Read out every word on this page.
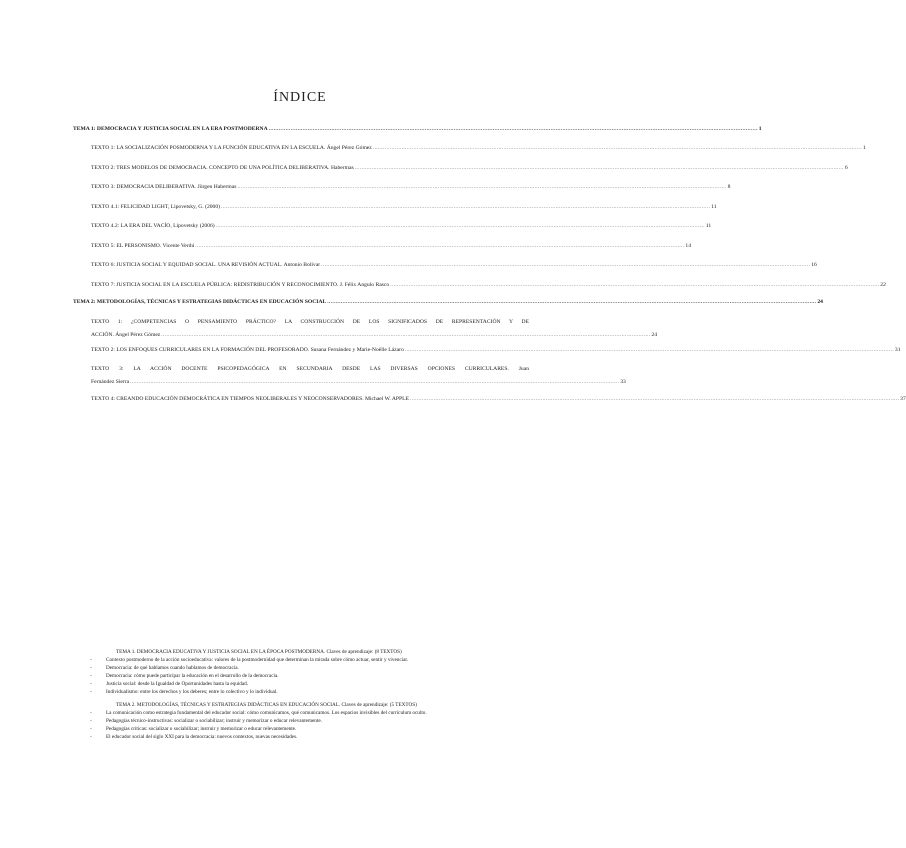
ÍNDICE
TEMA 1: DEMOCRACIA Y JUSTICIA SOCIAL EN LA ERA POSTMODERNA .....	1
TEXTO 1: LA SOCIALIZACIÓN POSMODERNA Y LA FUNCIÓN EDUCATIVA EN LA ESCUELA. Ángel Pérez Gómez .....	1
TEXTO 2: TRES MODELOS DE DEMOCRACIA. CONCEPTO DE UNA POLÍTICA DELIBERATIVA. Habermas .....	6
TEXTO 3: DEMOCRACIA DELIBERATIVA. Jürgen Habermas .....	8
TEXTO 4.1: FELICIDAD LIGHT, Lipovetsky, G. (2000) .....	11
TEXTO 4.2: LA ERA DEL VACÍO, Lipovetsky (2006) .....	11
TEXTO 5: EL PERSONISMO. Vicente Verdú .....	14
TEXTO 6: JUSTICIA SOCIAL Y EQUIDAD SOCIAL. UNA REVISIÓN ACTUAL. Antonio Bolívar .....	16
TEXTO 7: JUSTICIA SOCIAL EN LA ESCUELA PÚBLICA: REDISTRIBUCIÓN Y RECONOCIMIENTO. J. Félix Angulo Rasco .....	22
TEMA 2: METODOLOGÍAS, TÉCNICAS Y ESTRATEGIAS DIDÁCTICAS EN EDUCACIÓN SOCIAL .....	24
TEXTO 1: ¿COMPETENCIAS O PENSAMIENTO PRÁCTICO? LA CONSTRUCCIÓN DE LOS SIGNIFICADOS DE REPRESENTACIÓN Y DE
ACCIÓN. Ángel Pérez Gómez .....	24
TEXTO 2: LOS ENFOQUES CURRICULARES EN LA FORMACIÓN DEL PROFESORADO. Susana Fernández y Marie-Noëlle Lázaro .....	31
TEXTO 3: LA ACCIÓN DOCENTE PSICOPEDAGÓGICA EN SECUNDARIA DESDE LAS DIVERSAS OPCIONES CURRICULARES. Juan
Fernández Sierra .....	33
TEXTO 4: CREANDO EDUCACIÓN DEMOCRÁTICA EN TIEMPOS NEOLIBERALES Y NEOCONSERVADORES. Michael W. APPLE .....	37
TEMA 1. DEMOCRACIA EDUCATIVA Y JUSTICIA SOCIAL EN LA ÉPOCA POSTMODERNA. Claves de aprendizaje: (8 TEXTOS)
- Contexto postmoderno de la acción socioeducativa: valores de la postmodernidad que determinan la mirada sobre cómo actuar, sentir y vivenciar.
- Democracia: de qué hablamos cuando hablamos de democracia.
- Democracia: cómo puede participar la educación en el desarrollo de la democracia.
- Justicia social: desde la Igualdad de Oportunidades hasta la equidad.
- Individualismo: entre los derechos y los deberes; entre lo colectivo y lo individual.
TEMA 2. METODOLOGÍAS, TÉCNICAS Y ESTRATEGIAS DIDÁCTICAS EN EDUCACIÓN SOCIAL. Claves de aprendizaje: (5 TEXTOS)
- La comunicación como estrategia fundamental del educador social: cómo comunicamos, qué comunicamos. Los espacios invisibles del currículum oculto.
- Pedagogías técnico-instructivas: socializar o sociabilizar; instruir y memorizar o educar relevantemente.
- Pedagogías críticas: socializar o sociabilizar; instruir y memorizar o educar relevantemente.
- El educador social del siglo XXI para la democracia: nuevos contextos, nuevas necesidades.
